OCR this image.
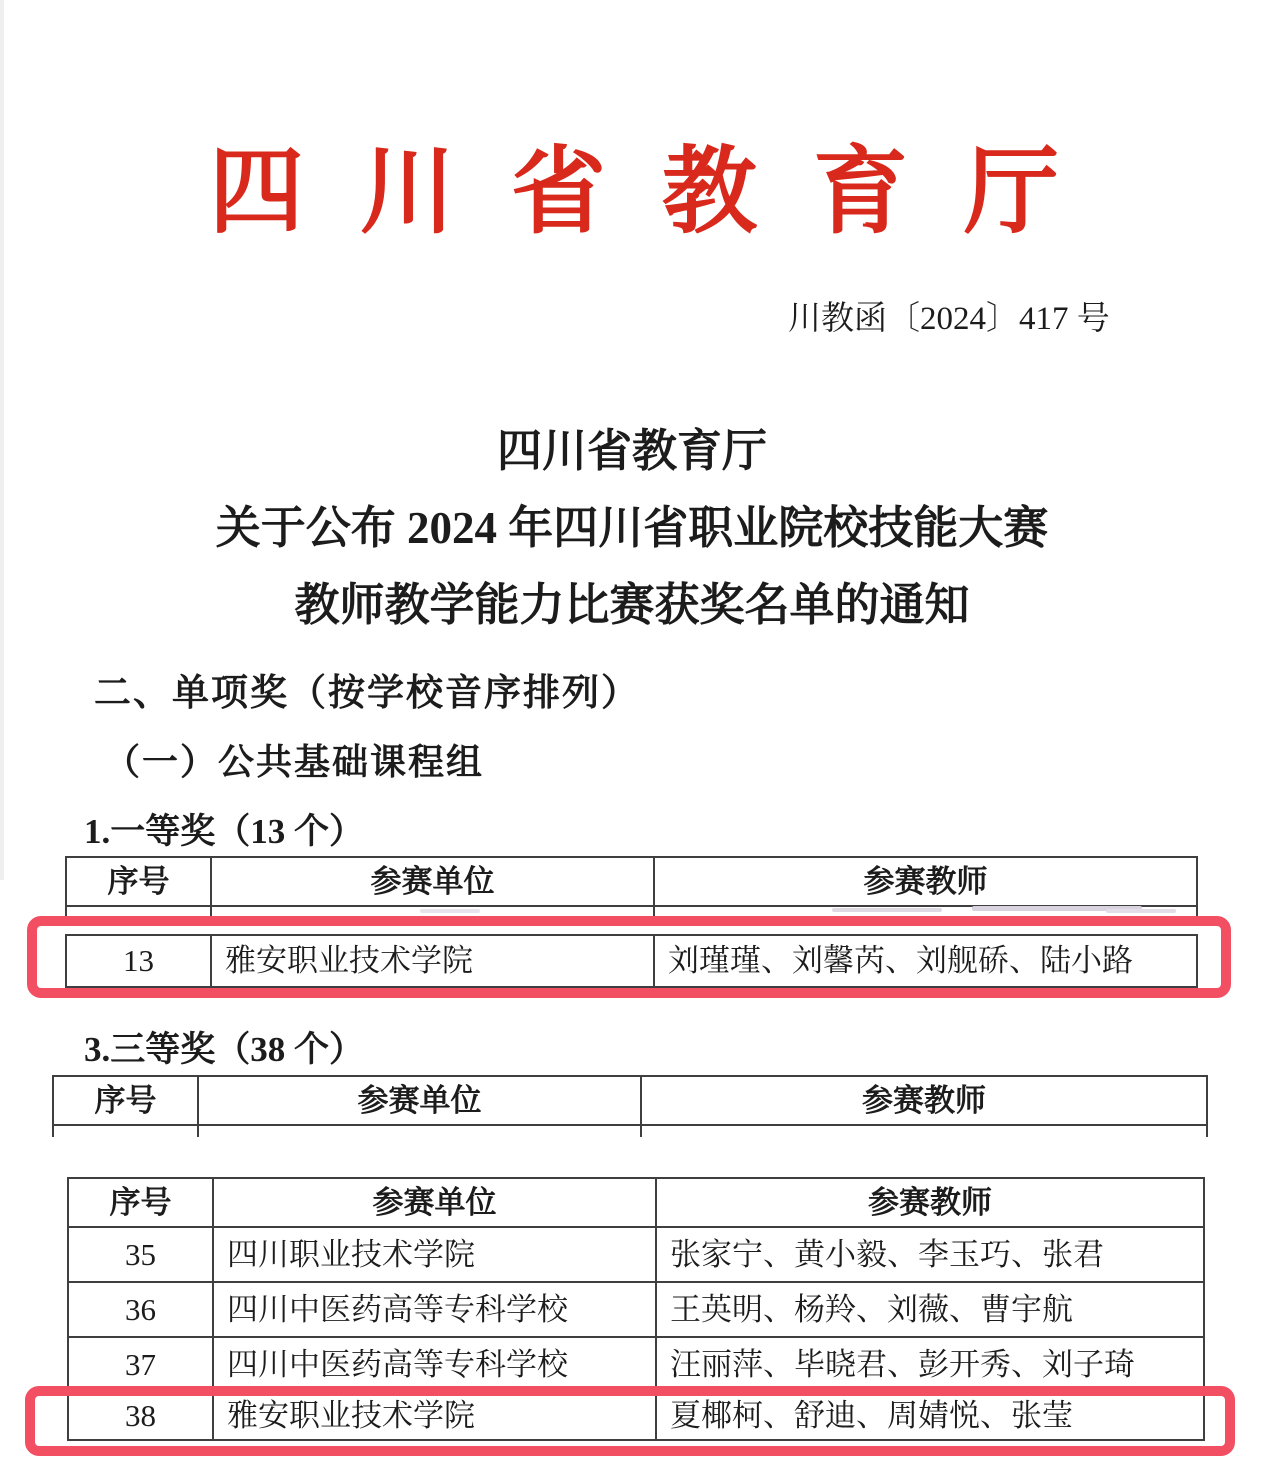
四川省教育厅
川教函〔2024〕417 号
四川省教育厅
关于公布 2024 年四川省职业院校技能大赛
教师教学能力比赛获奖名单的通知
二、单项奖（按学校音序排列）
（一）公共基础课程组
1.一等奖（13 个）
序号	参赛单位	参赛教师
13	雅安职业技术学院	刘瑾瑾、刘馨芮、刘舰硚、陆小路
3.三等奖（38 个）
序号	参赛单位	参赛教师
序号	参赛单位	参赛教师
35	四川职业技术学院	张家宁、黄小毅、李玉巧、张君
36	四川中医药高等专科学校	王英明、杨羚、刘薇、曹宇航
37	四川中医药高等专科学校	汪丽萍、毕晓君、彭开秀、刘子琦
38	雅安职业技术学院	夏椰柯、舒迪、周婧悦、张莹
